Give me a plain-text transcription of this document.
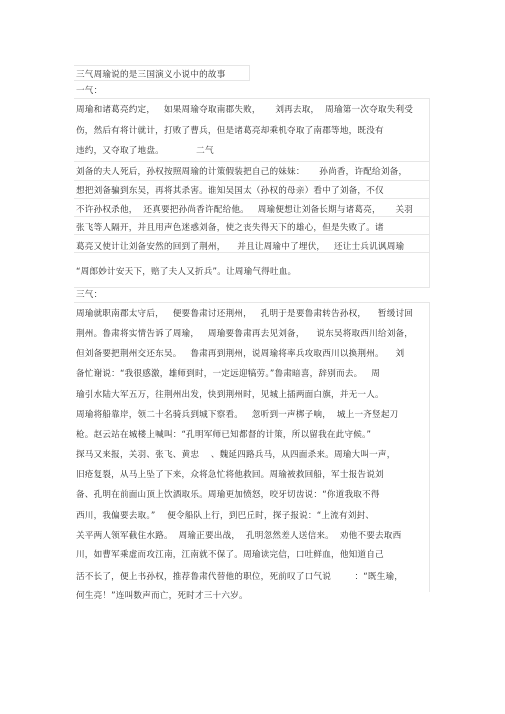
三气周瑜说的是三国演义小说中的故事
一气：
周瑜和诸葛亮约定，   如果周瑜夺取南郡失败，     刘再去取，  周瑜第一次夺取失利受
伤，然后有将计就计，打败了曹兵，但是诸葛亮却乘机夺取了南郡等地，既没有
违约，又夺取了地盘。           二气
刘备的夫人死后，孙权按照周瑜的计策假装把自己的妹妹：     孙尚香，许配给刘备，
想把刘备骗到东吴，再将其杀害。谁知吴国太（孙权的母亲）看中了刘备，不仅
不许孙权杀他，  还真要把孙尚香许配给他。   周瑜便想让刘备长期与诸葛亮，     关羽
张飞等人隔开，并且用声色迷惑刘备，使之丧失得天下的雄心，但是失败了。诸
葛亮又使计让刘备安然的回到了荆州，    并且让周瑜中了埋伏，   还让士兵讥讽周瑜
“周郎妙计安天下，赔了夫人又折兵”。让周瑜气得吐血。
三气：
周瑜就职南郡太守后，   便要鲁肃讨还荆州，   孔明于是要鲁肃转告孙权，    暂缓讨回
荆州。鲁肃将实情告诉了周瑜，   周瑜要鲁肃再去见刘备，    说东吴将取西川给刘备，
但刘备要把荆州交还东吴。   鲁肃再到荆州，说周瑜将率兵攻取西川以换荆州。    刘
备忙谢说：“我很感激，雄师到时，一定远迎犒劳。”鲁肃暗喜，辞别而去。   周
瑜引水陆大军五万，往荆州出发，快到荆州时，见城上插两面白旗，并无一人。
周瑜将船靠岸，领二十名骑兵到城下察看。   忽听到一声梆子响，  城上一齐竖起刀
枪。赵云站在城楼上喊叫：“孔明军师已知都督的计策，所以留我在此守候。”
探马又来报，关羽、张飞、黄忠    、魏延四路兵马，从四面杀来。周瑜大叫一声，
旧疮复裂，从马上坠了下来，众将急忙将他救回。周瑜被救回船，军士报告说刘
备、孔明在前面山顶上饮酒取乐。周瑜更加愤怒，咬牙切齿说：“你道我取不得
西川，我偏要去取。”    便令船队上行，到巴丘时，探子报说：“上流有刘封、
关平两人领军截住水路。  周瑜正要出战，  孔明忽然差人送信来。  劝他不要去取西
川，如曹军乘虚而攻江南，江南就不保了。周瑜读完信，口吐鲜血，他知道自己
活不长了，便上书孙权，推荐鲁肃代替他的职位，死前叹了口气说        ：“既生瑜，
何生亮！”连叫数声而亡，死时才三十六岁。
